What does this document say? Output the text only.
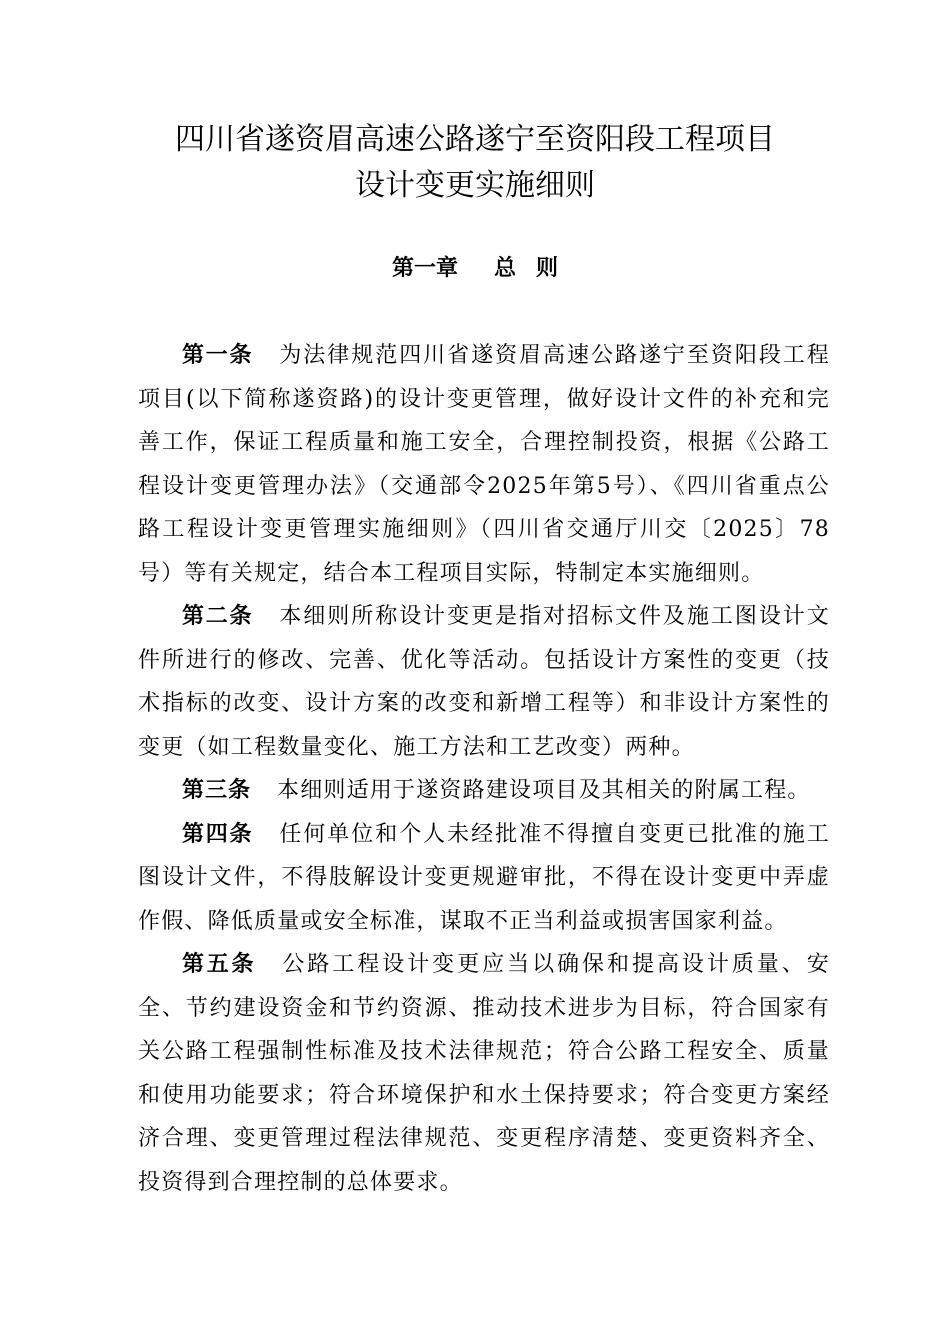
四川省遂资眉高速公路遂宁至资阳段工程项目
设计变更实施细则
第一章 总则

第一条 为法律规范四川省遂资眉高速公路遂宁至资阳段工程项目(以下简称遂资路)的设计变更管理，做好设计文件的补充和完善工作，保证工程质量和施工安全，合理控制投资，根据《公路工程设计变更管理办法》（交通部令2025年第5号）、《四川省重点公路工程设计变更管理实施细则》（四川省交通厅川交〔2025〕78号）等有关规定，结合本工程项目实际，特制定本实施细则。

第二条 本细则所称设计变更是指对招标文件及施工图设计文件所进行的修改、完善、优化等活动。包括设计方案性的变更（技术指标的改变、设计方案的改变和新增工程等）和非设计方案性的变更（如工程数量变化、施工方法和工艺改变）两种。

第三条 本细则适用于遂资路建设项目及其相关的附属工程。

第四条 任何单位和个人未经批准不得擅自变更已批准的施工图设计文件，不得肢解设计变更规避审批，不得在设计变更中弄虚作假、降低质量或安全标准，谋取不正当利益或损害国家利益。

第五条 公路工程设计变更应当以确保和提高设计质量、安全、节约建设资金和节约资源、推动技术进步为目标，符合国家有关公路工程强制性标准及技术法律规范；符合公路工程安全、质量和使用功能要求；符合环境保护和水土保持要求；符合变更方案经济合理、变更管理过程法律规范、变更程序清楚、变更资料齐全、投资得到合理控制的总体要求。
